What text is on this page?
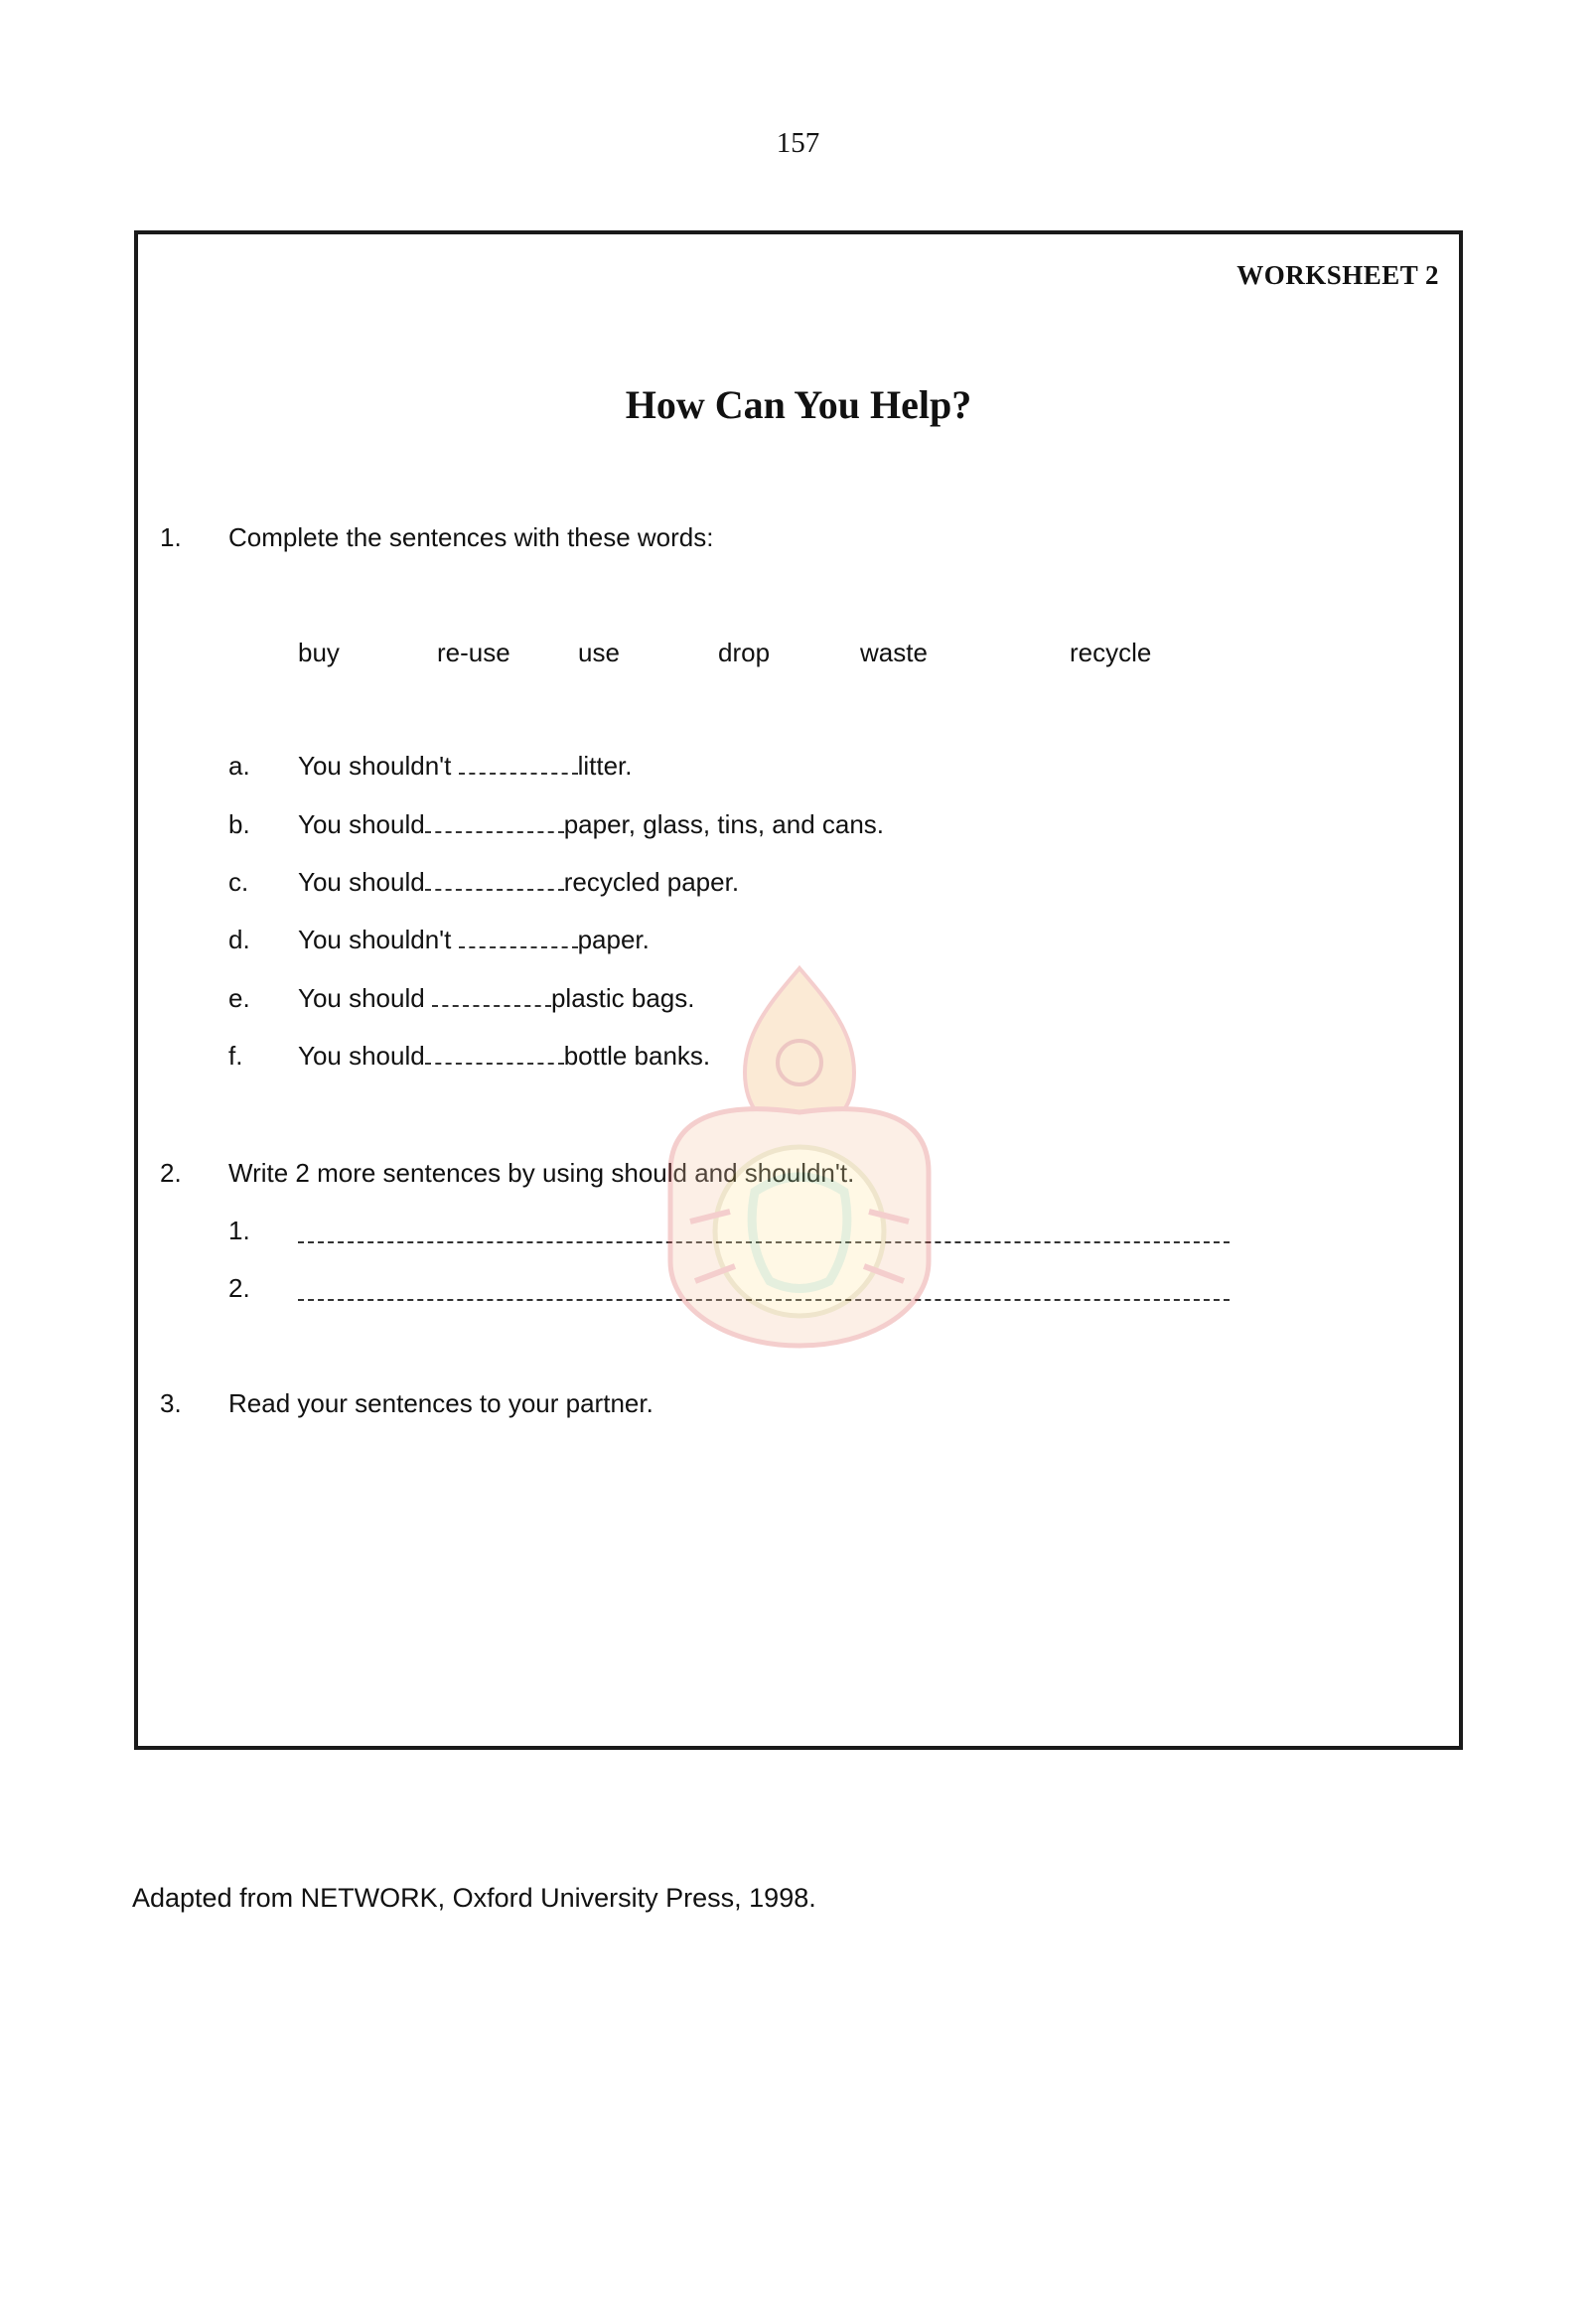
157
WORKSHEET 2
How Can You Help?
1. Complete the sentences with these words:
buy	re-use	use	drop	waste	recycle
a. You shouldn't	litter.
b. You should	paper, glass, tins, and cans.
c. You should	recycled paper.
d. You shouldn't	paper.
e. You should	plastic bags.
f. You should	bottle banks.
2. Write 2 more sentences by using should and shouldn't.
1.
2.
3. Read your sentences to your partner.
Adapted from NETWORK, Oxford University Press, 1998.
